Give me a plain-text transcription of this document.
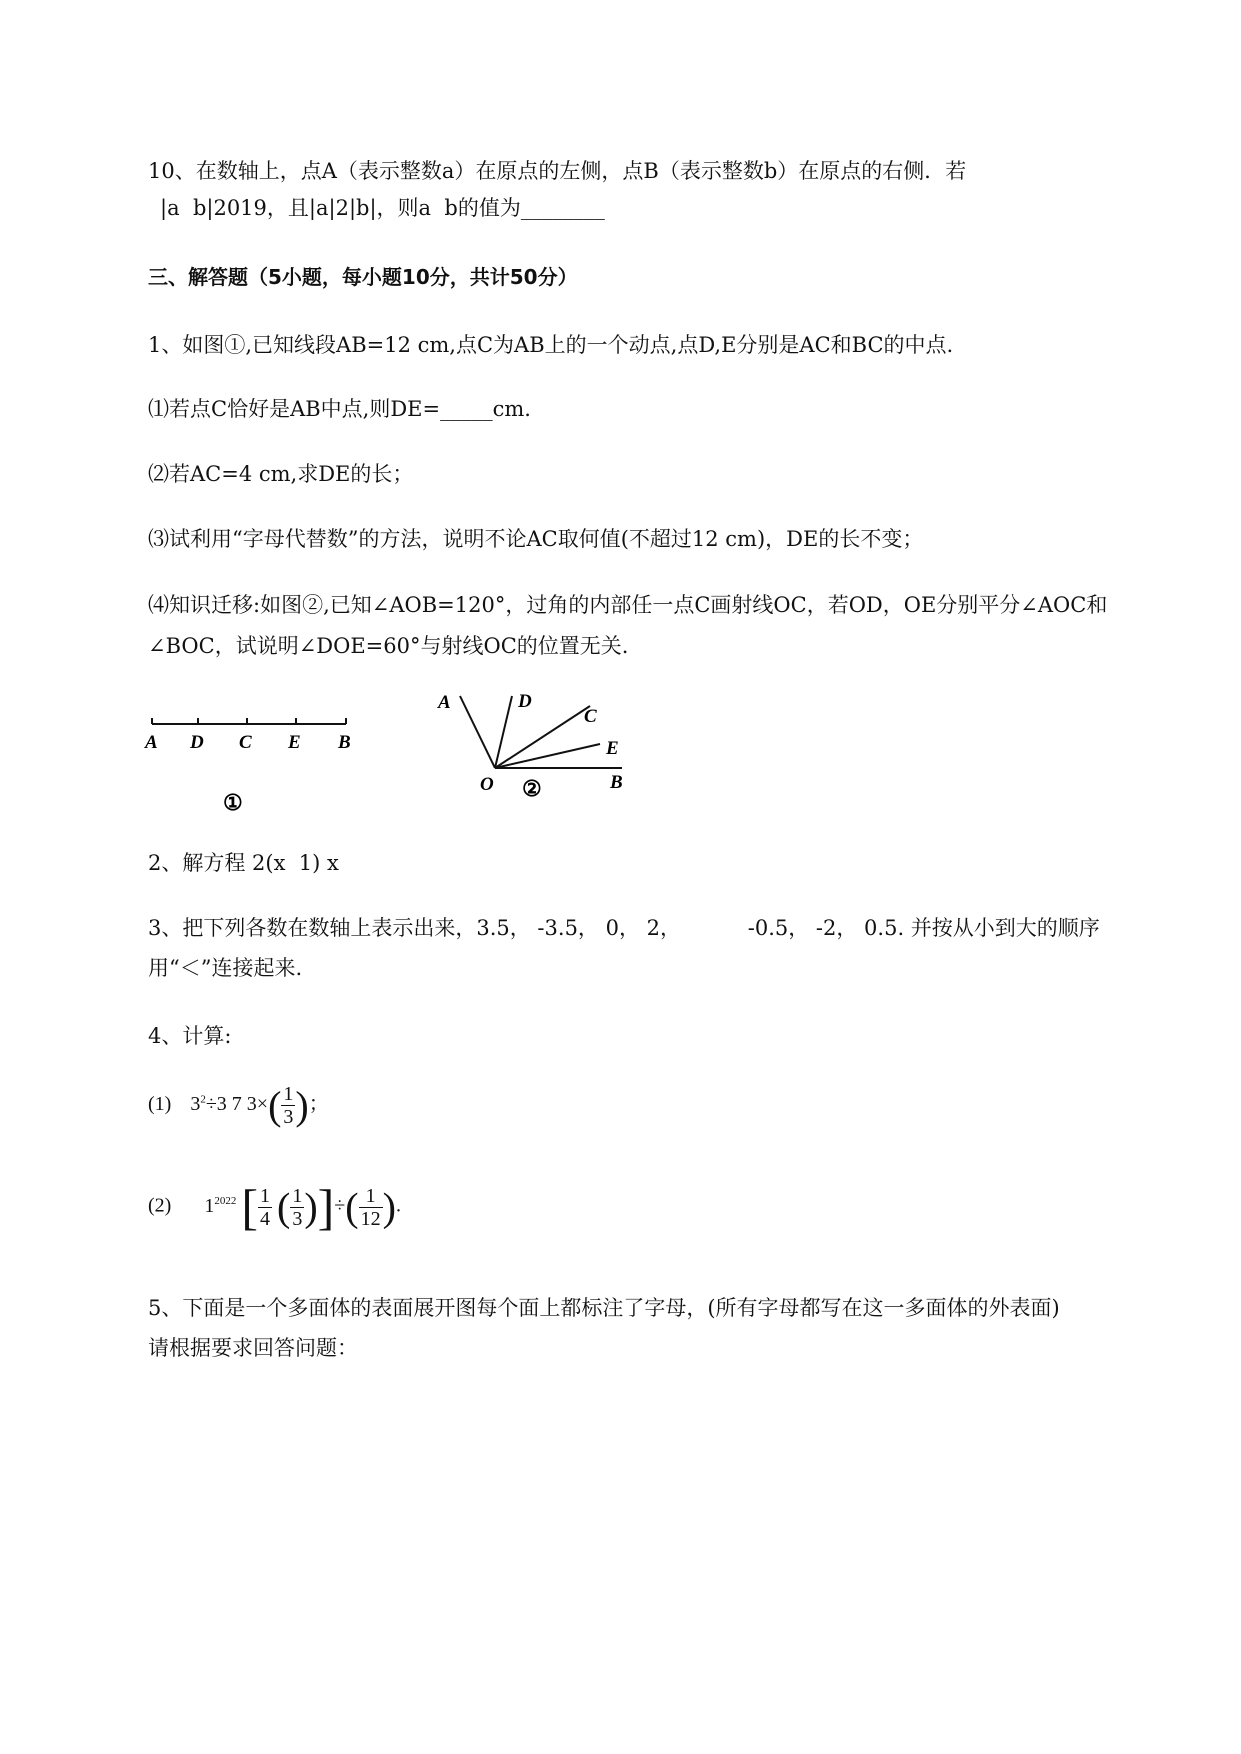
10、在数轴上，点A（表示整数a）在原点的左侧，点B（表示整数b）在原点的右侧．若
|a  b|2019，且|a|2|b|，则a  b的值为________
三、解答题（5小题，每小题10分，共计50分）
1、如图①,已知线段AB=12 cm,点C为AB上的一个动点,点D,E分别是AC和BC的中点.
⑴若点C恰好是AB中点,则DE=_____cm.
⑵若AC=4 cm,求DE的长；
⑶试利用“字母代替数”的方法，说明不论AC取何值(不超过12 cm)，DE的长不变；
⑷知识迁移:如图②,已知∠AOB=120°，过角的内部任一点C画射线OC，若OD，OE分别平分∠AOC和
∠BOC，试说明∠DOE=60°与射线OC的位置无关.
A D C E B
①
A	D
C
E
O	B
②
2、解方程 2(x  1) x
3、把下列各数在数轴上表示出来，3.5， -3.5， 0， 2，          -0.5， -2， 0.5. 并按从小到大的顺序
用“＜”连接起来.
4、计算:
(1) $3^2\div 3$ 7 $3\times( \frac{1}{3}$ )；
(2) $1^{2022}$ [ $\frac{1}{4}$ ( $\frac{1}{3}$ )]÷( $\frac{1}{12}$ ).
5、下面是一个多面体的表面展开图每个面上都标注了字母，(所有字母都写在这一多面体的外表面)
请根据要求回答问题：
